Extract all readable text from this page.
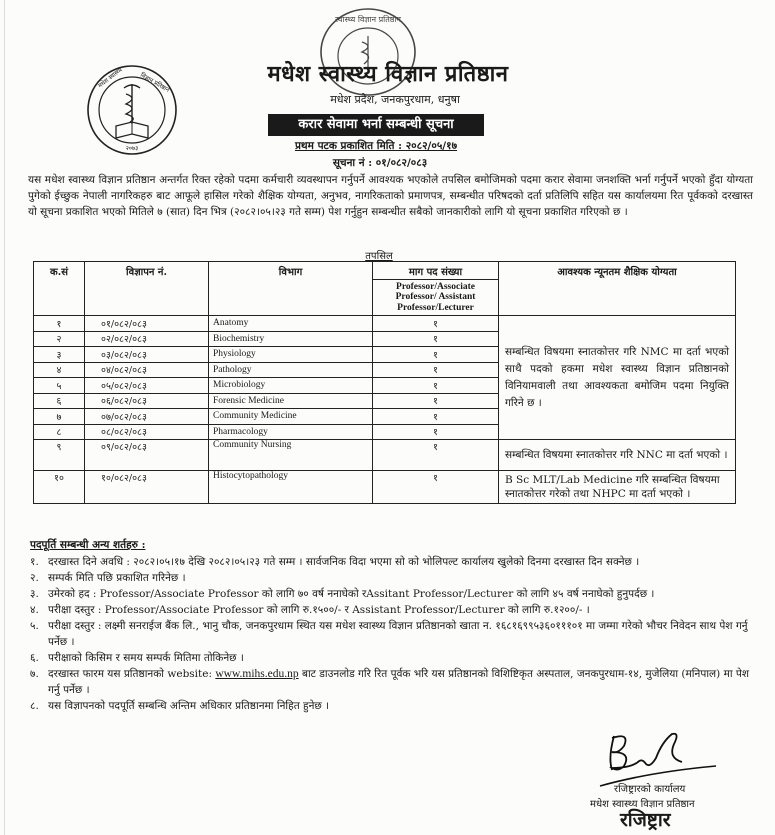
मधेश स्वास्थ्य	विज्ञान प्रतिष्ठान
२०७३
स्वास्थ्य विज्ञान प्रतिष्ठान
मधेश स्वास्थ्य विज्ञान प्रतिष्ठान
मधेश प्रदेश, जनकपुरधाम, धनुषा
करार सेवामा भर्ना सम्बन्धी सूचना
प्रथम पटक प्रकाशित मिति : २०८२/०५/१७
सूचना नं : ०१/०८२/०८३
यस मधेश स्वास्थ्य विज्ञान प्रतिष्ठान अन्तर्गत रिक्त रहेको पदमा कर्मचारी व्यवस्थापन गर्नुपर्ने आवश्यक भएकोले तपसिल बमोजिमको पदमा करार सेवामा जनशक्ति भर्ना गर्नुपर्ने भएको हुँदा योग्यता पुगेको ईच्छुक नेपाली नागरिकहरु बाट आफूले हासिल गरेको शैक्षिक योग्यता, अनुभव, नागरिकताको प्रमाणपत्र, सम्बन्धीत परिषदको दर्ता प्रतिलिपि सहित यस कार्यालयमा रित पूर्वकको दरखास्त यो सूचना प्रकाशित भएको मितिले ७ (सात) दिन भित्र (२०८२।०५।२३ गते सम्म) पेश गर्नुहुन सम्बन्धीत सबैको जानकारीको लागि यो सूचना प्रकाशित गरिएको छ ।
तपसिल
क.सं	विज्ञापन नं.	विभाग	माग पद संख्या	आवश्यक न्यूनतम शैक्षिक योग्यता
			Professor/Associate Professor/ Assistant Professor/Lecturer	
१	०१/०८२/०८३	Anatomy	१	सम्बन्धित विषयमा स्नातकोत्तर गरि NMC मा दर्ता भएको साथै पदको हकमा मधेश स्वास्थ्य विज्ञान प्रतिष्ठानको विनियामवाली तथा आवश्यकता बमोजिम पदमा नियुक्ति गरिने छ ।
२	०२/०८२/०८३	Biochemistry	१	
३	०३/०८२/०८३	Physiology	१	
४	०४/०८२/०८३	Pathology	१	
५	०५/०८२/०८३	Microbiology	१	
६	०६/०८२/०८३	Forensic Medicine	१	
७	०७/०८२/०८३	Community Medicine	१	
८	०८/०८२/०८३	Pharmacology	१	
९	०९/०८२/०८३	Community Nursing	१	सम्बन्धित विषयमा स्नातकोत्तर गरि NNC मा दर्ता भएको ।
१०	१०/०८२/०८३	Histocytopathology	१	B Sc MLT/Lab Medicine गरि सम्बन्धित विषयमा स्नातकोत्तर गरेको तथा NHPC मा दर्ता भएको ।
पदपूर्ति सम्बन्धी अन्य शर्तहरु :
१. दरखास्त दिने अवधि : २०८२।०५।१७ देखि २०८२।०५।२३ गते सम्म । सार्वजनिक विदा भएमा सो को भोलिपल्ट कार्यालय खुलेको दिनमा दरखास्त दिन सक्नेछ ।
२. सम्पर्क मिति पछि प्रकाशित गरिनेछ ।
३. उमेरको हद : Professor/Associate Professor को लागि ७० वर्ष ननाघेको रAssitant Professor/Lecturer को लागि ४५ वर्ष ननाघेको हुनुपर्दछ ।
४. परीक्षा दस्तुर : Professor/Associate Professor को लागि रु.१५००/- र Assistant Professor/Lecturer को लागि रु.१२००/- ।
५. परीक्षा दस्तुर : लक्ष्मी सनराईज बैंक लि., भानु चौक, जनकपुरधाम स्थित यस मधेश स्वास्थ्य विज्ञान प्रतिष्ठानको खाता न. १६८१६९९५३६०१११०१ मा जम्मा गरेको भौचर निवेदन साथ पेश गर्नु पर्नेछ ।
६. परीक्षाको किसिम र समय सम्पर्क मितिमा तोकिनेछ ।
७. दरखास्त फारम यस प्रतिष्ठानको website: www.mihs.edu.np बाट डाउनलोड गरि रित पूर्वक भरि यस प्रतिष्ठानको विशिष्टिकृत अस्पताल, जनकपुरधाम-१४, मुजेलिया (मनिपाल) मा पेश गर्नु पर्नेछ ।
८. यस विज्ञापनको पदपूर्ति सम्बन्धि अन्तिम अधिकार प्रतिष्ठानमा निहित हुनेछ ।
रजिष्ट्रारको कार्यालय
मधेश स्वास्थ्य विज्ञान प्रतिष्ठान
रजिष्ट्रार
